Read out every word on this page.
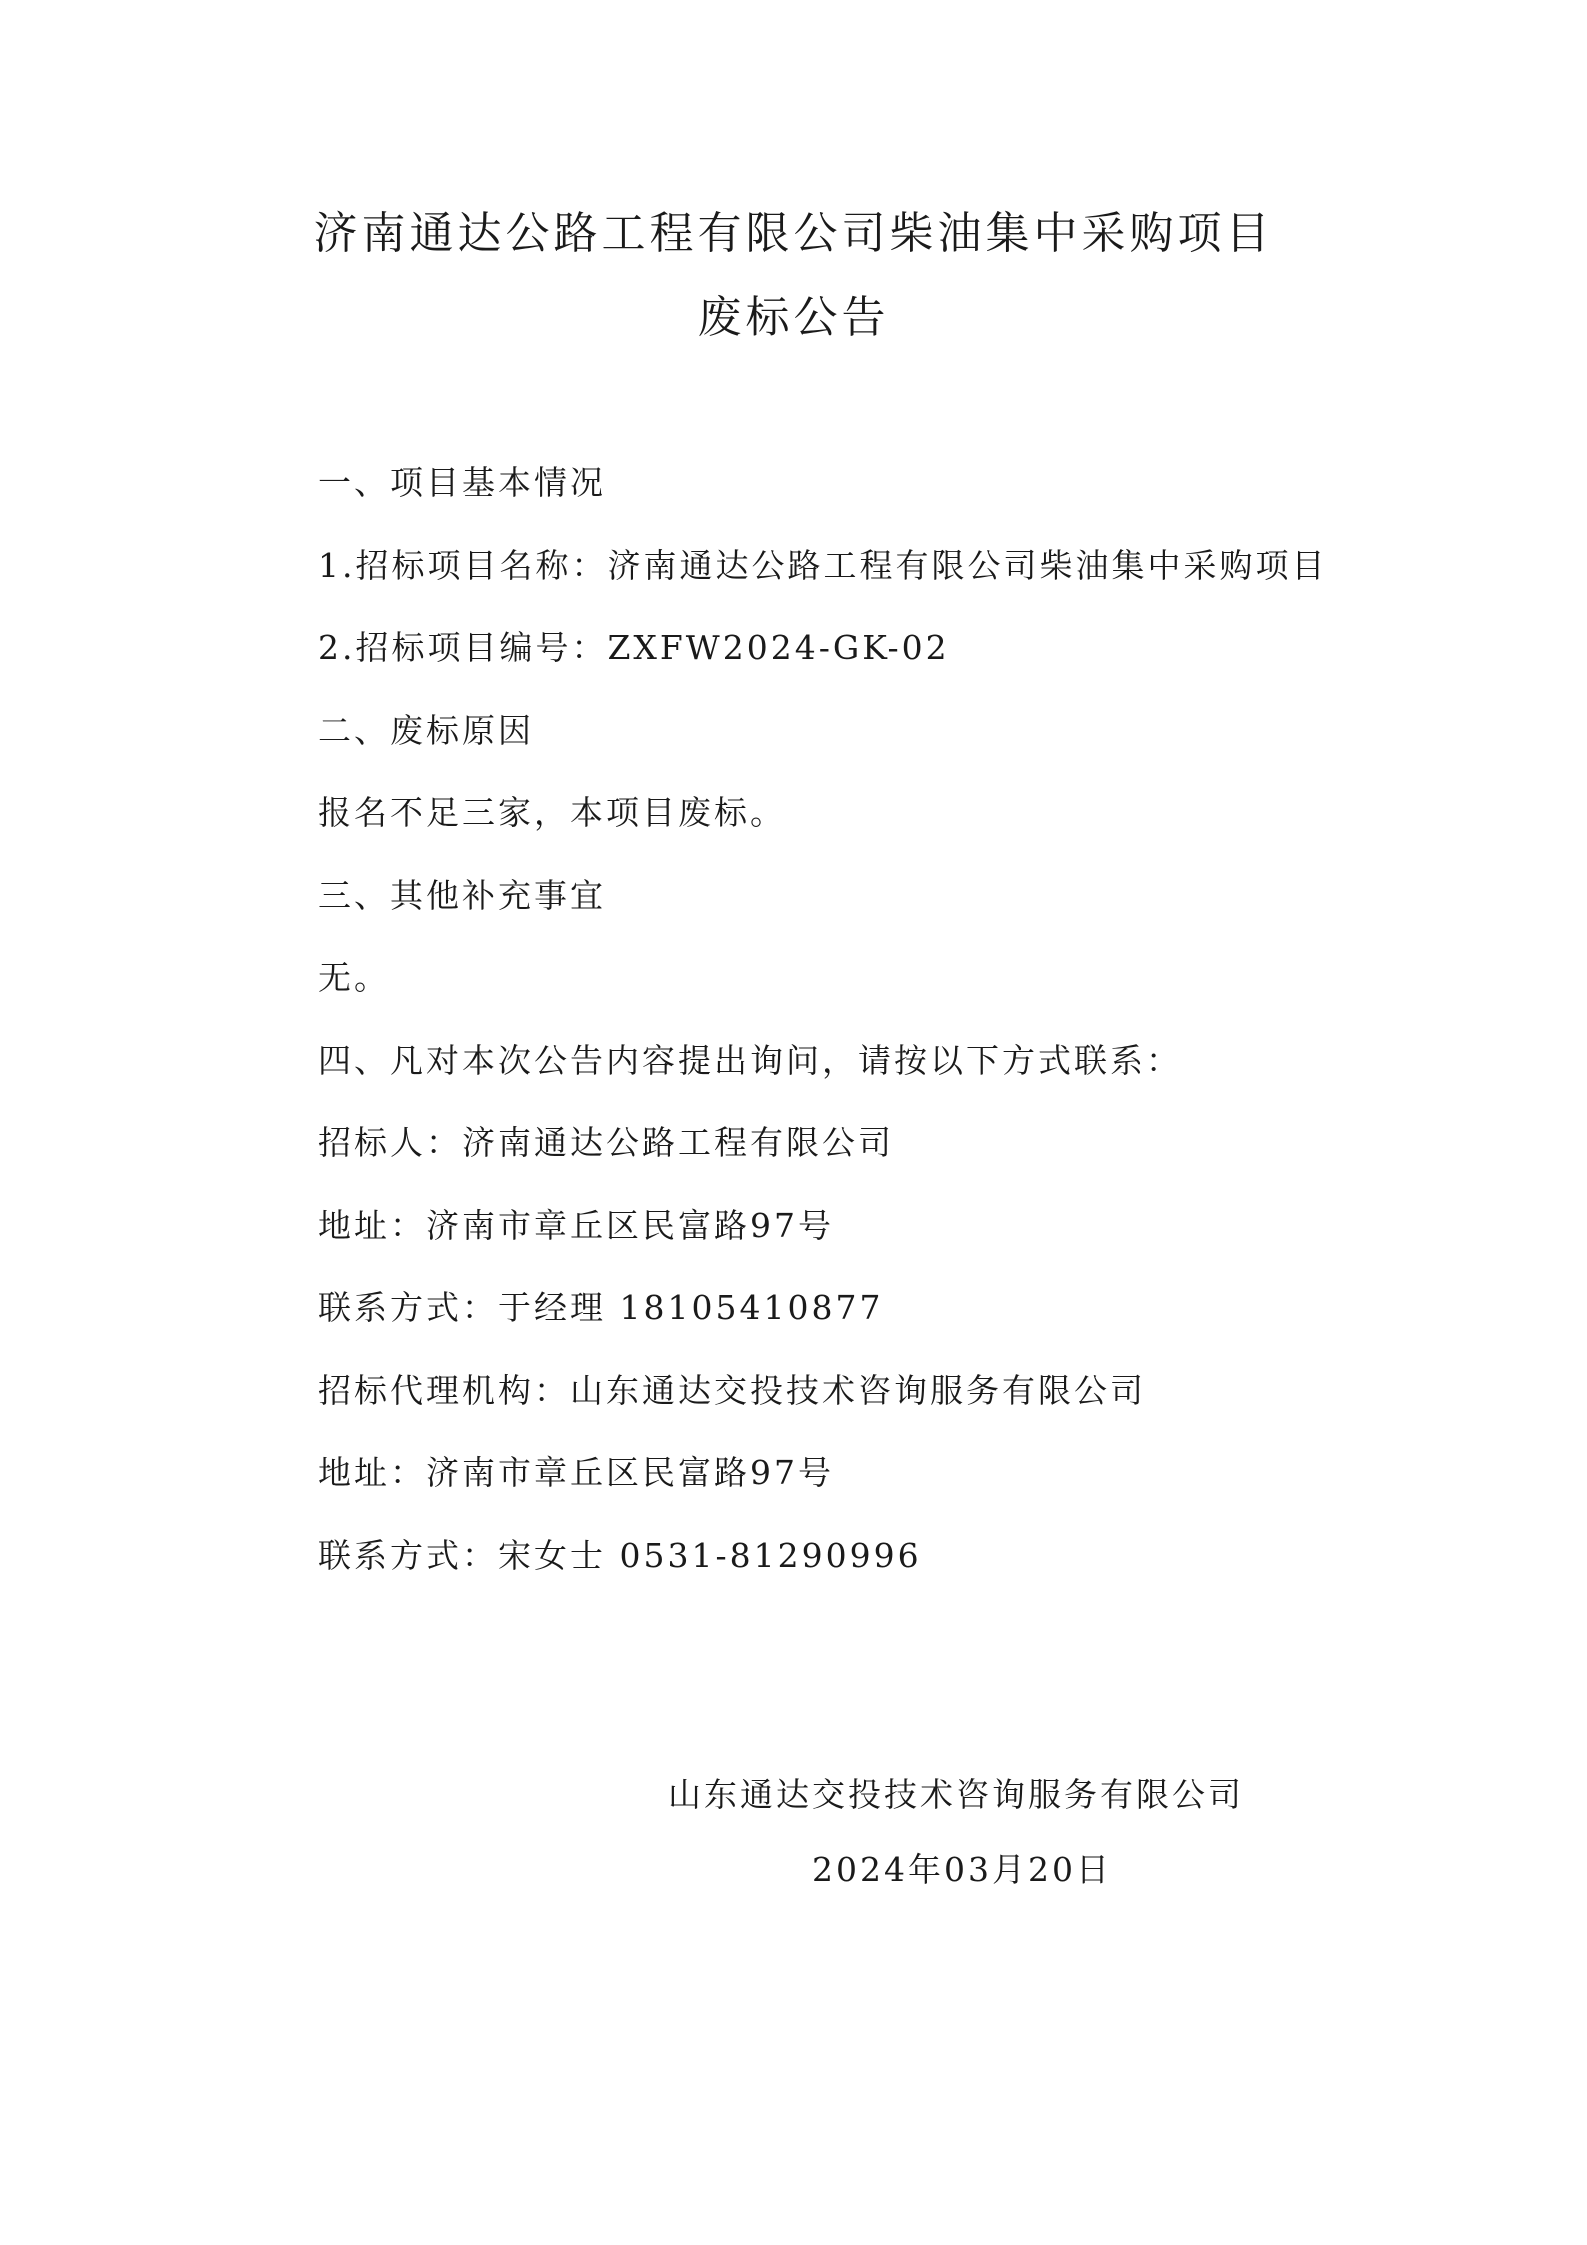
济南通达公路工程有限公司柴油集中采购项目
废标公告
一、项目基本情况
1.招标项目名称：济南通达公路工程有限公司柴油集中采购项目
2.招标项目编号：ZXFW2024-GK-02
二、废标原因
报名不足三家，本项目废标。
三、其他补充事宜
无。
四、凡对本次公告内容提出询问，请按以下方式联系：
招标人：济南通达公路工程有限公司
地址：济南市章丘区民富路97号
联系方式：于经理 18105410877
招标代理机构：山东通达交投技术咨询服务有限公司
地址：济南市章丘区民富路97号
联系方式：宋女士 0531-81290996
山东通达交投技术咨询服务有限公司
2024年03月20日
